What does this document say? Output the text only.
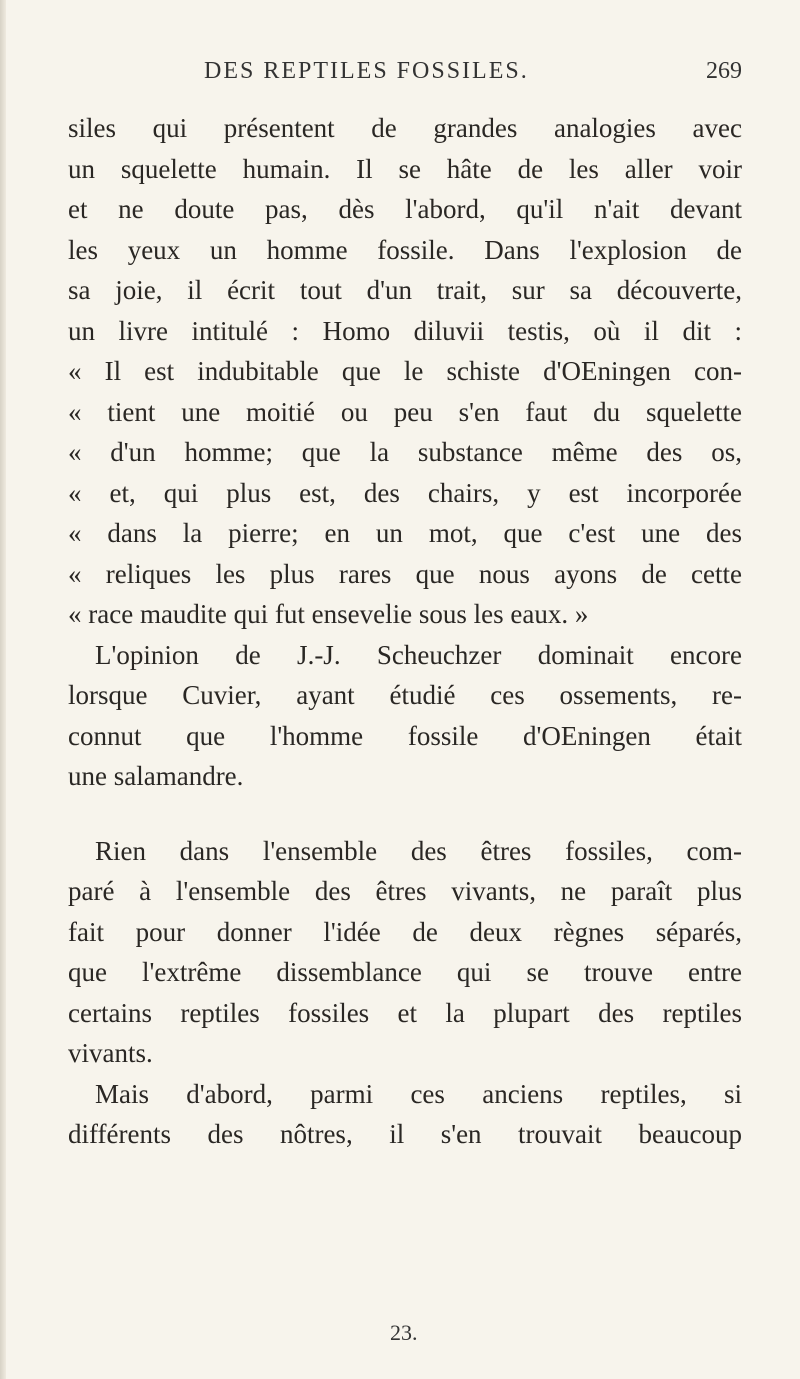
DES REPTILES FOSSILES.	269
siles qui présentent de grandes analogies avec
un squelette humain. Il se hâte de les aller voir
et ne doute pas, dès l'abord, qu'il n'ait devant
les yeux un homme fossile. Dans l'explosion de
sa joie, il écrit tout d'un trait, sur sa découverte,
un livre intitulé : Homo diluvii testis, où il dit :
« Il est indubitable que le schiste d'OEningen con-
« tient une moitié ou peu s'en faut du squelette
« d'un homme; que la substance même des os,
« et, qui plus est, des chairs, y est incorporée
« dans la pierre; en un mot, que c'est une des
« reliques les plus rares que nous ayons de cette
« race maudite qui fut ensevelie sous les eaux. »
L'opinion de J.-J. Scheuchzer dominait encore
lorsque Cuvier, ayant étudié ces ossements, re-
connut que l'homme fossile d'OEningen était
une salamandre.
Rien dans l'ensemble des êtres fossiles, com-
paré à l'ensemble des êtres vivants, ne paraît plus
fait pour donner l'idée de deux règnes séparés,
que l'extrême dissemblance qui se trouve entre
certains reptiles fossiles et la plupart des reptiles
vivants.
Mais d'abord, parmi ces anciens reptiles, si
différents des nôtres, il s'en trouvait beaucoup
23.
